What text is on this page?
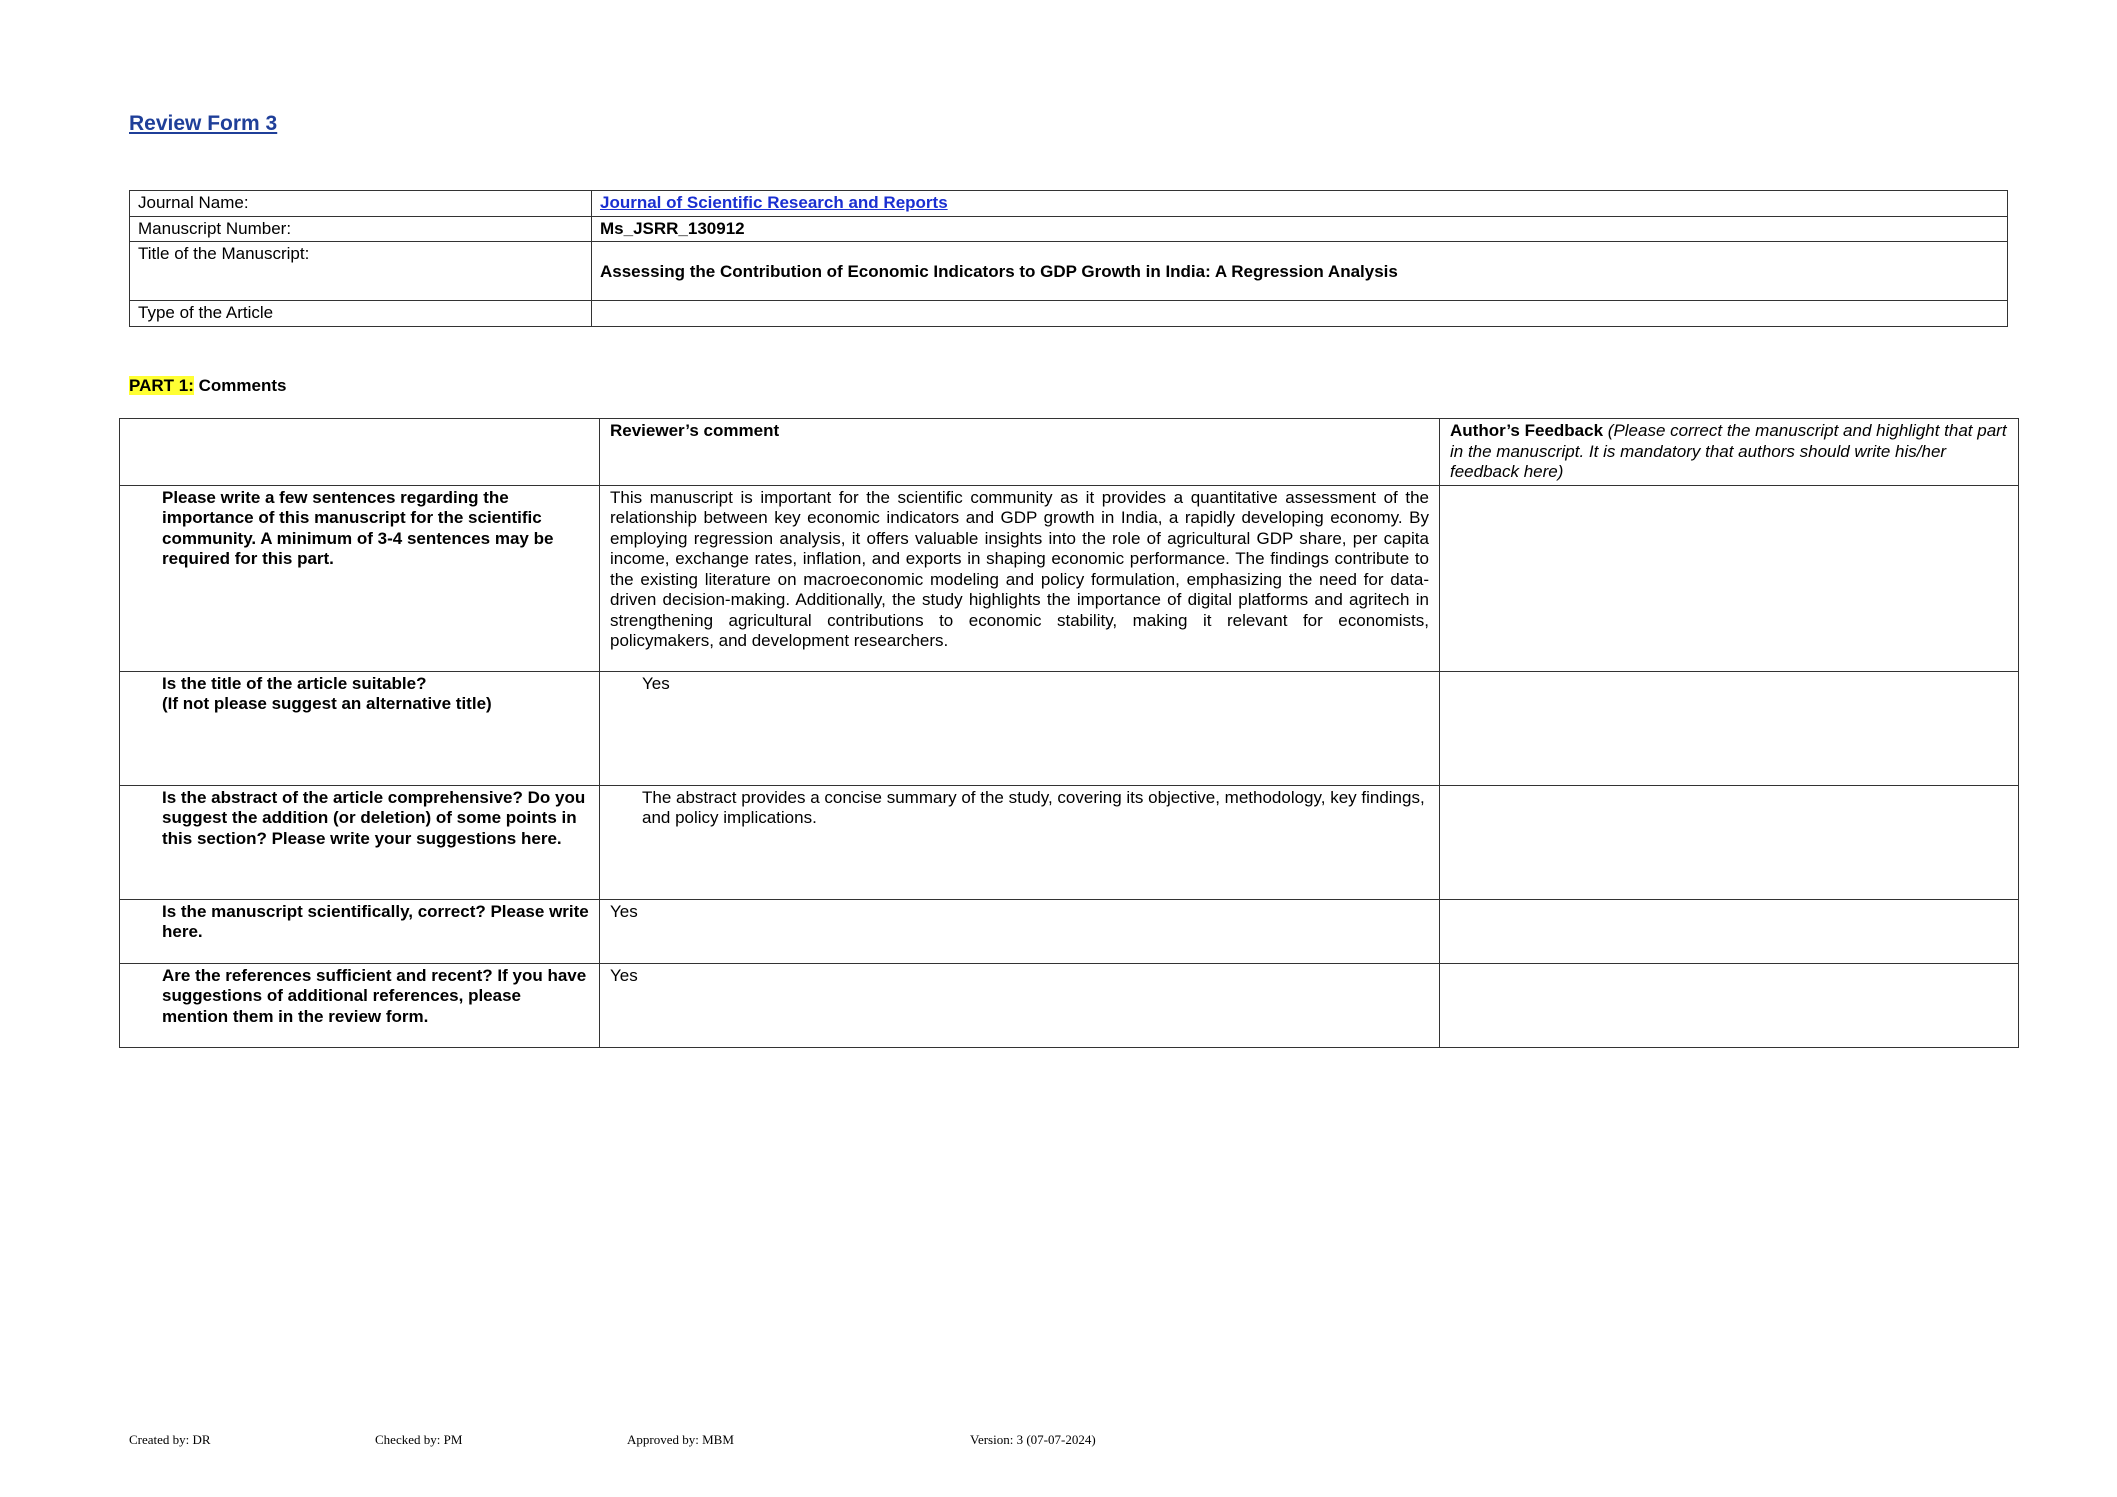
Review Form 3
Journal Name:	Journal of Scientific Research and Reports
Manuscript Number:	Ms_JSRR_130912
Title of the Manuscript:	Assessing the Contribution of Economic Indicators to GDP Growth in India: A Regression Analysis
Type of the Article	

PART 1: Comments

	Reviewer’s comment	Author’s Feedback (Please correct the manuscript and highlight that part in the manuscript. It is mandatory that authors should write his/her feedback here)
Please write a few sentences regarding the importance of this manuscript for the scientific community. A minimum of 3-4 sentences may be required for this part.	This manuscript is important for the scientific community as it provides a quantitative assessment of the relationship between key economic indicators and GDP growth in India, a rapidly developing economy. By employing regression analysis, it offers valuable insights into the role of agricultural GDP share, per capita income, exchange rates, inflation, and exports in shaping economic performance. The findings contribute to the existing literature on macroeconomic modeling and policy formulation, emphasizing the need for data-driven decision-making. Additionally, the study highlights the importance of digital platforms and agritech in strengthening agricultural contributions to economic stability, making it relevant for economists, policymakers, and development researchers.	
Is the title of the article suitable?
(If not please suggest an alternative title)	Yes	
Is the abstract of the article comprehensive? Do you suggest the addition (or deletion) of some points in this section? Please write your suggestions here.	The abstract provides a concise summary of the study, covering its objective, methodology, key findings, and policy implications.	
Is the manuscript scientifically, correct? Please write here.	Yes	
Are the references sufficient and recent? If you have suggestions of additional references, please mention them in the review form.	Yes	
Created by: DR	Checked by: PM	Approved by: MBM	Version: 3 (07-07-2024)
